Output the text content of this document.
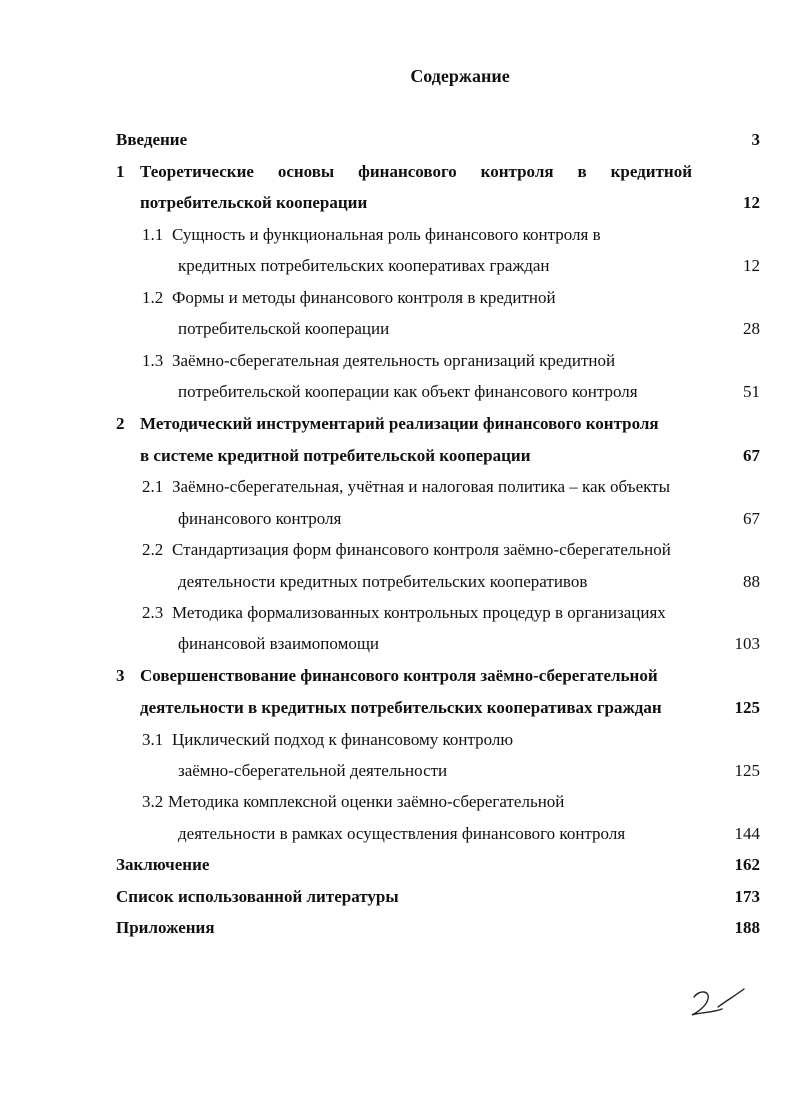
Содержание
Введение	3
1 Теоретические основы финансового контроля в кредитной
потребительской кооперации	12
1.1 Сущность и функциональная роль финансового контроля в
кредитных потребительских кооперативах граждан	12
1.2 Формы и методы финансового контроля в кредитной
потребительской кооперации	28
1.3 Заёмно-сберегательная деятельность организаций кредитной
потребительской кооперации как объект финансового контроля	51
2 Методический инструментарий реализации финансового контроля
в системе кредитной потребительской кооперации	67
2.1 Заёмно-сберегательная, учётная и налоговая политика – как объекты
финансового контроля	67
2.2 Стандартизация форм финансового контроля заёмно-сберегательной
деятельности кредитных потребительских кооперативов	88
2.3 Методика формализованных контрольных процедур в организациях
финансовой взаимопомощи	103
3 Совершенствование финансового контроля заёмно-сберегательной
деятельности в кредитных потребительских кооперативах граждан	125
3.1 Циклический подход к финансовому контролю
заёмно-сберегательной деятельности	125
3.2 Методика комплексной оценки заёмно-сберегательной
деятельности в рамках осуществления финансового контроля	144
Заключение	162
Список использованной литературы	173
Приложения	188
